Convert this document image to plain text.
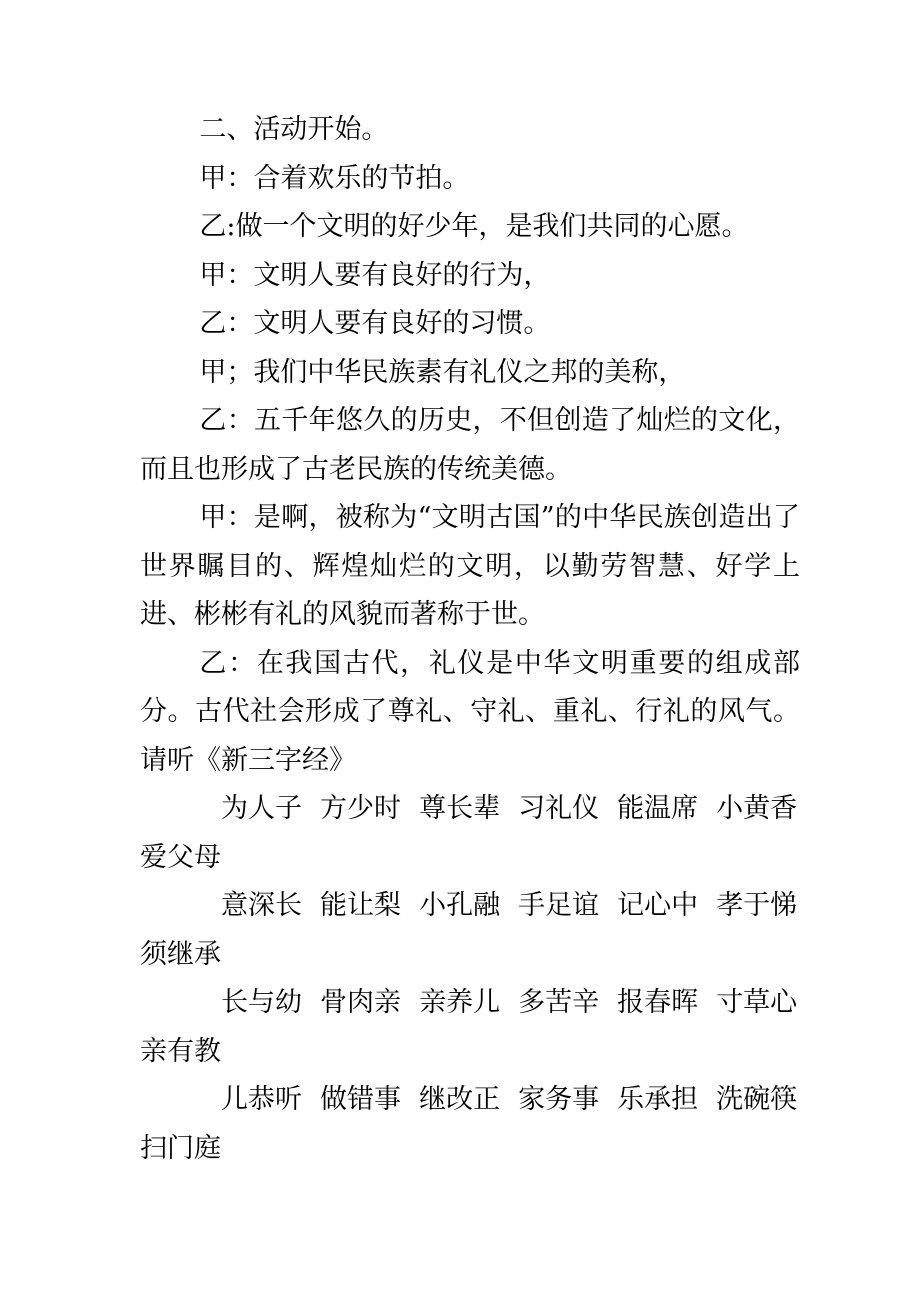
二、活动开始。

甲：合着欢乐的节拍。

乙:做一个文明的好少年，是我们共同的心愿。

甲：文明人要有良好的行为，

乙：文明人要有良好的习惯。

甲；我们中华民族素有礼仪之邦的美称，

乙：五千年悠久的历史，不但创造了灿烂的文化，而且也形成了古老民族的传统美德。

甲：是啊，被称为“文明古国”的中华民族创造出了世界瞩目的、辉煌灿烂的文明，以勤劳智慧、好学上进、彬彬有礼的风貌而著称于世。

乙：在我国古代，礼仪是中华文明重要的组成部分。古代社会形成了尊礼、守礼、重礼、行礼的风气。请听《新三字经》

为人子 方少时 尊长辈 习礼仪 能温席 小黄香 爱父母

意深长 能让梨 小孔融 手足谊 记心中 孝于悌 须继承

长与幼 骨肉亲 亲养儿 多苦辛 报春晖 寸草心 亲有教

儿恭听 做错事 继改正 家务事 乐承担 洗碗筷 扫门庭
